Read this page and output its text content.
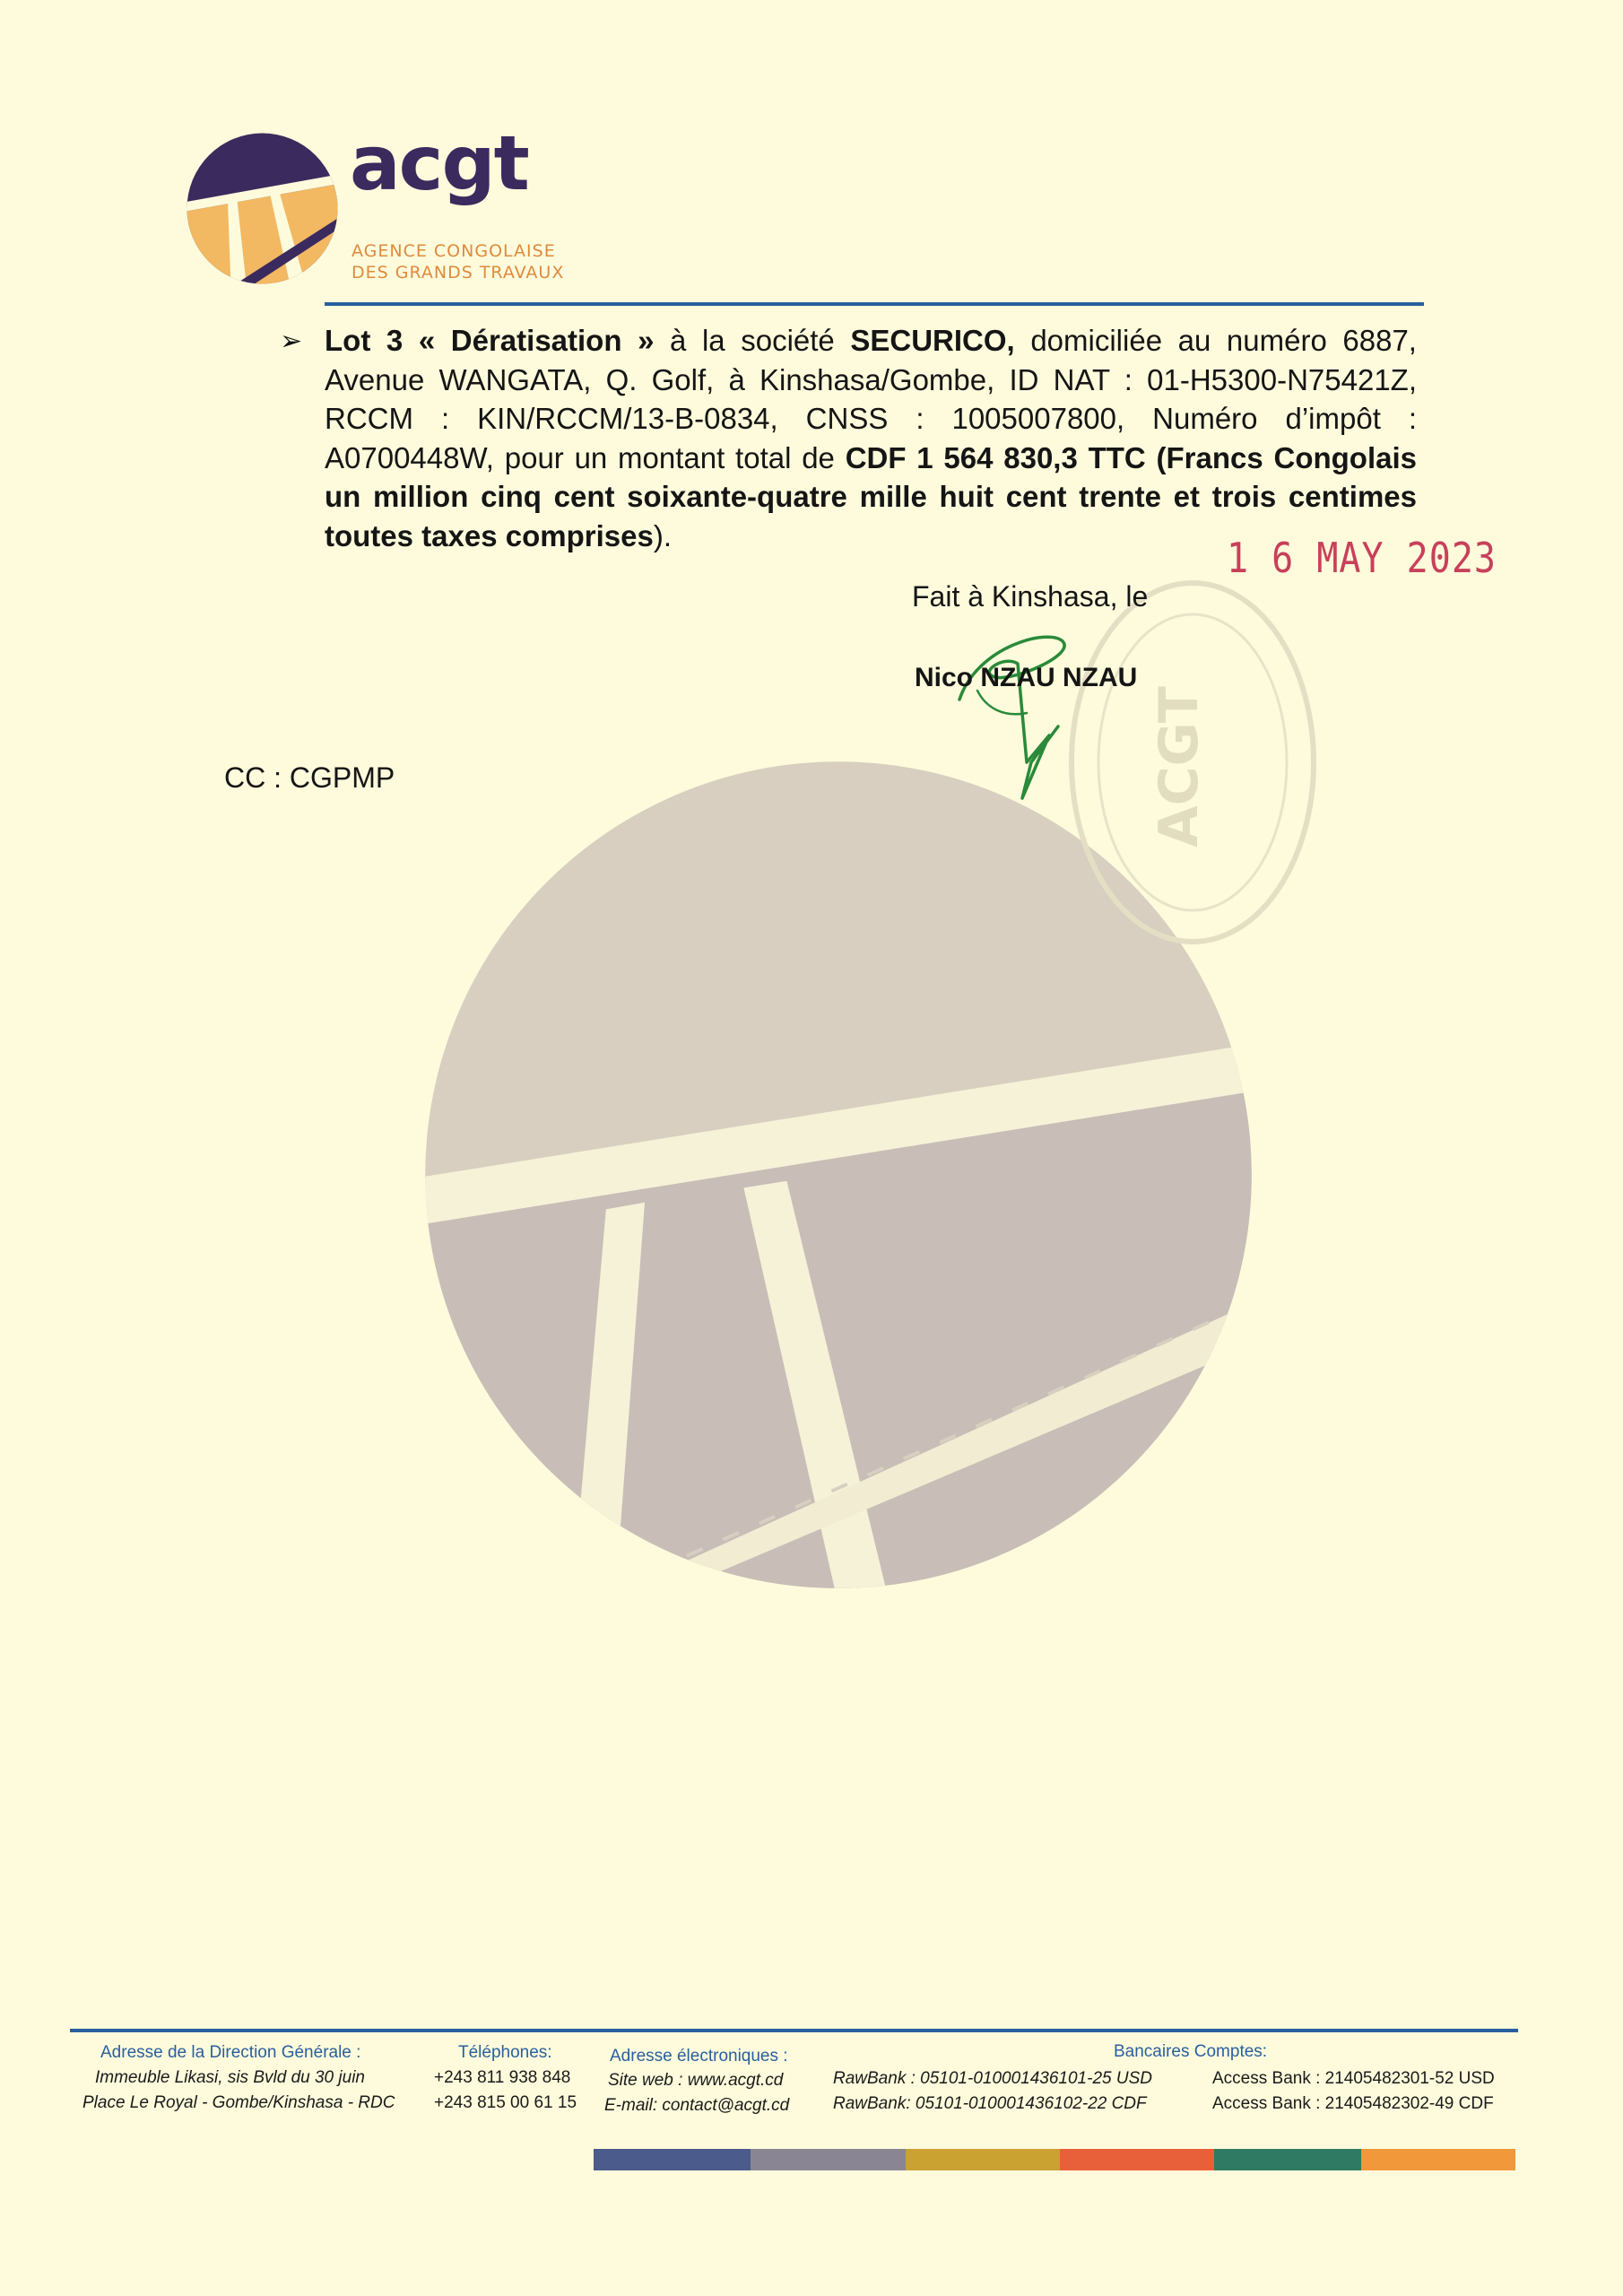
acgt
AGENCE CONGOLAISE
DES GRANDS TRAVAUX
ACGT
➢ Lot 3 « Dératisation » à la société SECURICO, domiciliée au numéro 6887, Avenue WANGATA, Q. Golf, à Kinshasa/Gombe, ID NAT : 01-H5300-N75421Z, RCCM : KIN/RCCM/13-B-0834, CNSS : 1005007800, Numéro d’impôt : A0700448W, pour un montant total de CDF 1 564 830,3 TTC (Francs Congolais un million cinq cent soixante-quatre mille huit cent trente et trois centimes toutes taxes comprises).	1 6 MAY 2023
Fait à Kinshasa, le
Nico NZAU NZAU
CC : CGPMP
Adresse de la Direction Générale :
Immeuble Likasi, sis Bvld du 30 juin
Place Le Royal - Gombe/Kinshasa - RDC
Téléphones:
+243 811 938 848
+243 815 00 61 15
Adresse électroniques :
Site web : www.acgt.cd
E-mail: contact@acgt.cd
Bancaires Comptes:
RawBank : 05101-010001436101-25 USD
RawBank: 05101-010001436102-22 CDF
Access Bank : 21405482301-52 USD
Access Bank : 21405482302-49 CDF
